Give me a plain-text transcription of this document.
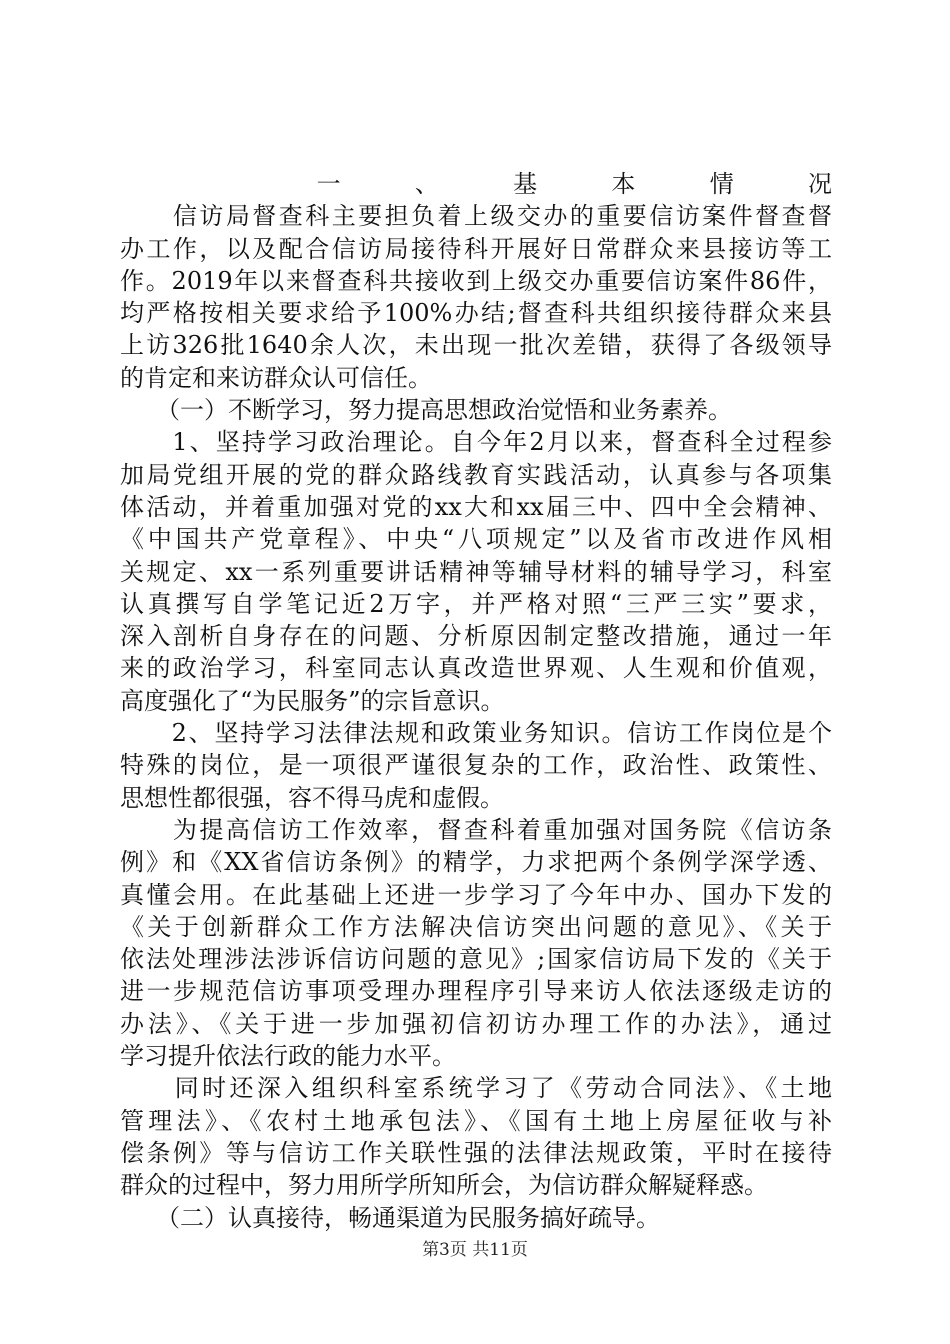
　　一、基本情况
　　信访局督查科主要担负着上级交办的重要信访案件督查督
办工作，以及配合信访局接待科开展好日常群众来县接访等工
作。2019年以来督查科共接收到上级交办重要信访案件86件，
均严格按相关要求给予100%办结;督查科共组织接待群众来县
上访326批1640余人次，未出现一批次差错，获得了各级领导
的肯定和来访群众认可信任。
　　（一）不断学习，努力提高思想政治觉悟和业务素养。
　　1、坚持学习政治理论。自今年2月以来，督查科全过程参
加局党组开展的党的群众路线教育实践活动，认真参与各项集
体活动，并着重加强对党的xx大和xx届三中、四中全会精神、
《中国共产党章程》、中央“八项规定”以及省市改进作风相
关规定、xx一系列重要讲话精神等辅导材料的辅导学习，科室
认真撰写自学笔记近2万字，并严格对照“三严三实”要求，
深入剖析自身存在的问题、分析原因制定整改措施，通过一年
来的政治学习，科室同志认真改造世界观、人生观和价值观，
高度强化了“为民服务”的宗旨意识。
　　2、坚持学习法律法规和政策业务知识。信访工作岗位是个
特殊的岗位，是一项很严谨很复杂的工作，政治性、政策性、
思想性都很强，容不得马虎和虚假。
　　为提高信访工作效率，督查科着重加强对国务院《信访条
例》和《XX省信访条例》的精学，力求把两个条例学深学透、
真懂会用。在此基础上还进一步学习了今年中办、国办下发的
《关于创新群众工作方法解决信访突出问题的意见》、《关于
依法处理涉法涉诉信访问题的意见》;国家信访局下发的《关于
进一步规范信访事项受理办理程序引导来访人依法逐级走访的
办法》、《关于进一步加强初信初访办理工作的办法》，通过
学习提升依法行政的能力水平。
　　同时还深入组织科室系统学习了《劳动合同法》、《土地
管理法》、《农村土地承包法》、《国有土地上房屋征收与补
偿条例》等与信访工作关联性强的法律法规政策，平时在接待
群众的过程中，努力用所学所知所会，为信访群众解疑释惑。
　　（二）认真接待，畅通渠道为民服务搞好疏导。
第3页 共11页
